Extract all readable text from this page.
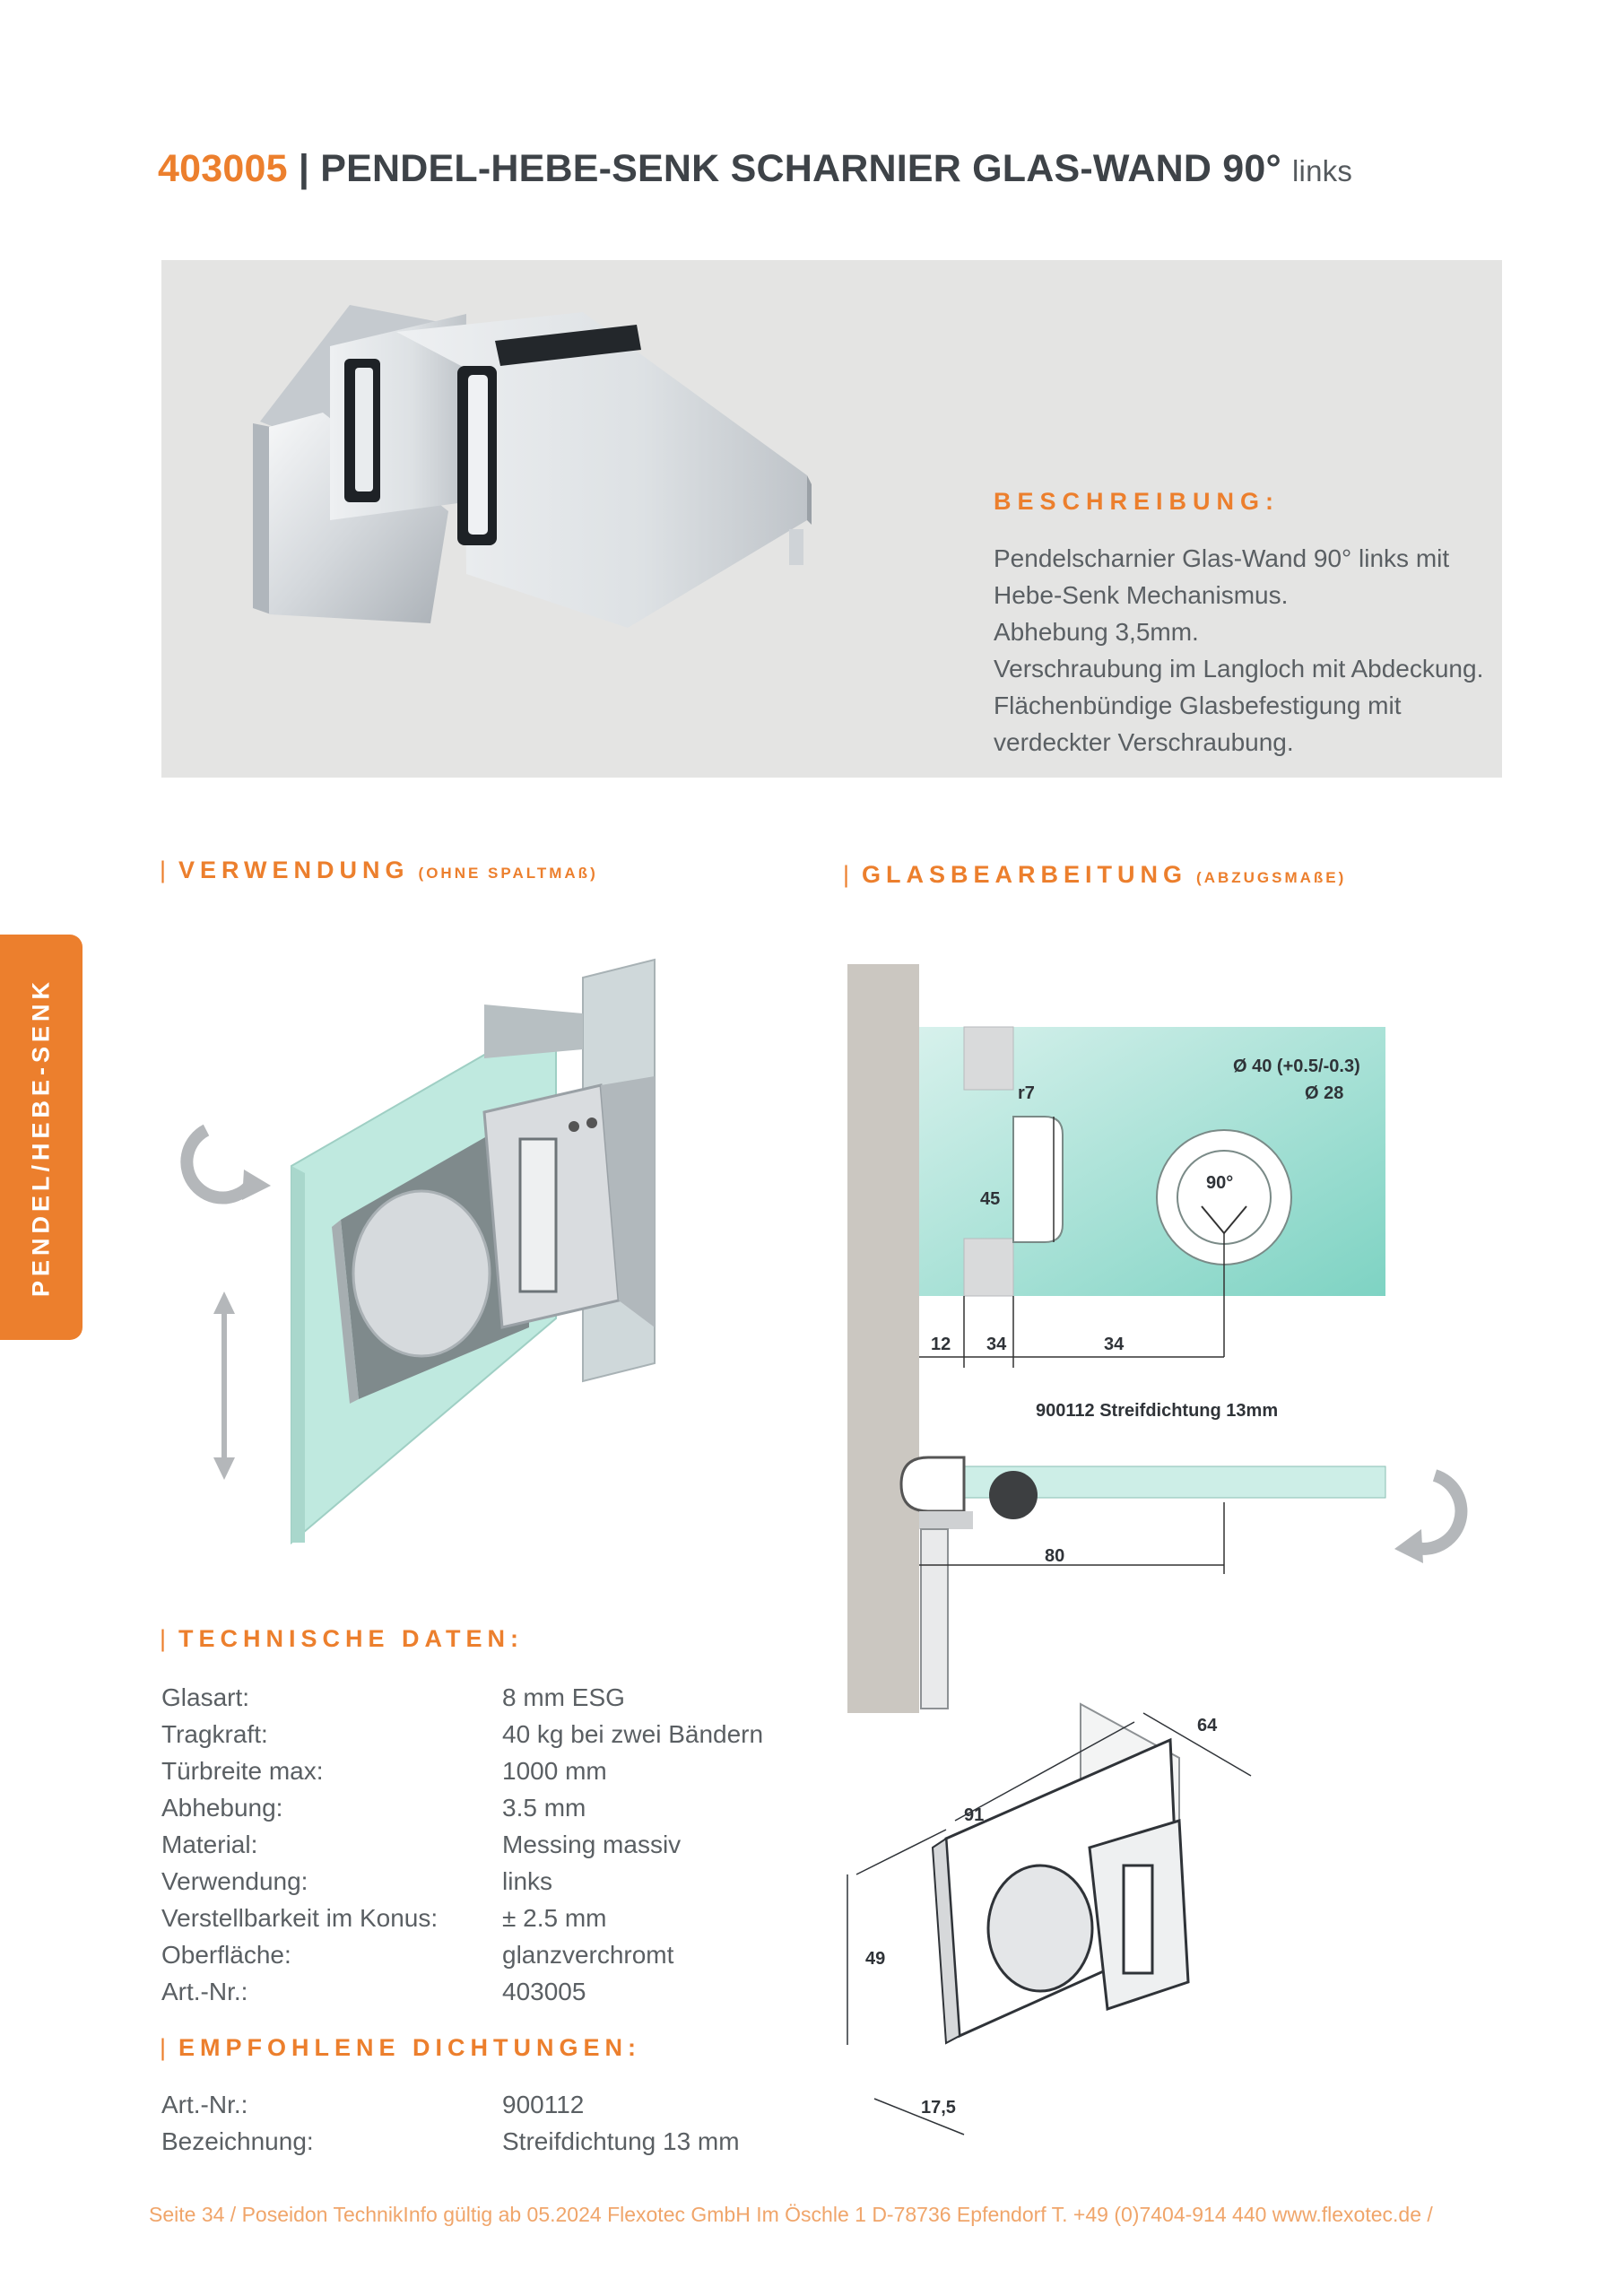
403005 | PENDEL-HEBE-SENK SCHARNIER GLAS-WAND 90° links
BESCHREIBUNG:
Pendelscharnier Glas-Wand 90° links mit
Hebe-Senk Mechanismus.
Abhebung 3,5mm.
Verschraubung im Langloch mit Abdeckung.
Flächenbündige Glasbefestigung mit
verdeckter Verschraubung.
PENDEL/HEBE-SENK
| VERWENDUNG (OHNE SPALTMAß)	| GLASBEARBEITUNG (ABZUGSMAßE)
r7
Ø 40 (+0.5/-0.3)
Ø 28
90°
45
12 34	34
900112 Streifdichtung 13mm
80
64
91
49
17,5
| TECHNISCHE DATEN:
Glasart:	8 mm ESG
Tragkraft:	40 kg bei zwei Bändern
Türbreite max:	1000 mm
Abhebung:	3.5 mm
Material:	Messing massiv
Verwendung:	links
Verstellbarkeit im Konus:	± 2.5 mm
Oberfläche:	glanzverchromt
Art.-Nr.:	403005
| EMPFOHLENE DICHTUNGEN:
Art.-Nr.:	900112
Bezeichnung:	Streifdichtung 13 mm
Seite 34 / Poseidon TechnikInfo gültig ab 05.2024 Flexotec GmbH Im Öschle 1 D-78736 Epfendorf T. +49 (0)7404-914 440 www.flexotec.de /
